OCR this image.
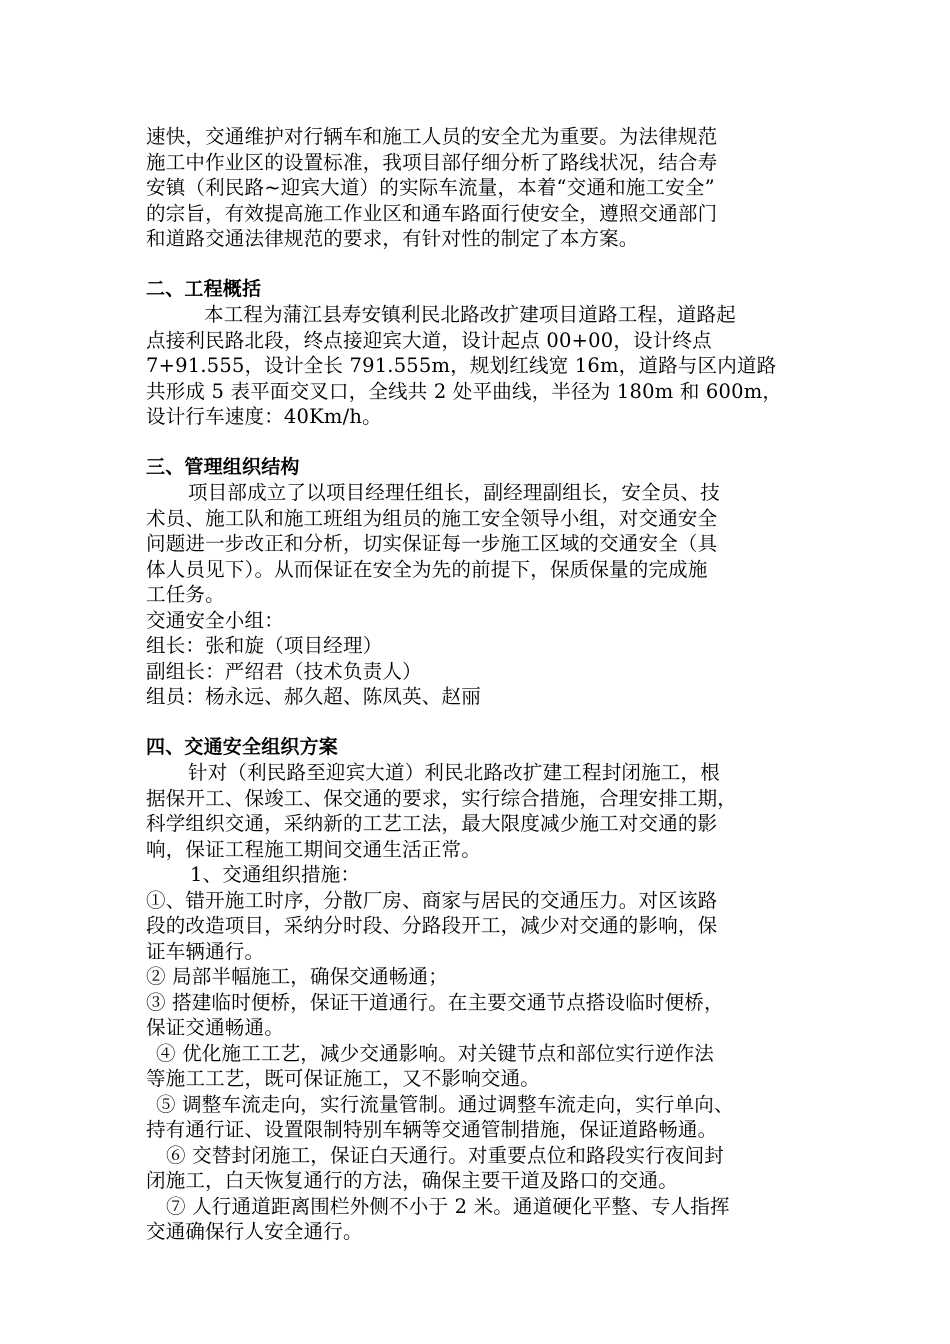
速快，交通维护对行辆车和施工人员的安全尤为重要。为法律规范
施工中作业区的设置标准，我项目部仔细分析了路线状况，结合寿
安镇（利民路~迎宾大道）的实际车流量，本着“交通和施工安全”
的宗旨，有效提高施工作业区和通车路面行使安全，遵照交通部门
和道路交通法律规范的要求，有针对性的制定了本方案。
二、工程概括
本工程为蒲江县寿安镇利民北路改扩建项目道路工程，道路起
点接利民路北段，终点接迎宾大道，设计起点 00+00，设计终点
7+91.555，设计全长 791.555m，规划红线宽 16m，道路与区内道路
共形成 5 表平面交叉口，全线共 2 处平曲线，半径为 180m 和 600m，
设计行车速度：40Km/h。
三、管理组织结构
项目部成立了以项目经理任组长，副经理副组长，安全员、技
术员、施工队和施工班组为组员的施工安全领导小组，对交通安全
问题进一步改正和分析，切实保证每一步施工区域的交通安全（具
体人员见下）。从而保证在安全为先的前提下，保质保量的完成施
工任务。
交通安全小组：
组长：张和旋（项目经理）
副组长：严绍君（技术负责人）
组员：杨永远、郝久超、陈凤英、赵丽
四、交通安全组织方案
针对（利民路至迎宾大道）利民北路改扩建工程封闭施工，根
据保开工、保竣工、保交通的要求，实行综合措施，合理安排工期，
科学组织交通，采纳新的工艺工法，最大限度减少施工对交通的影
响，保证工程施工期间交通生活正常。
1、交通组织措施：
①、错开施工时序，分散厂房、商家与居民的交通压力。对区该路
段的改造项目，采纳分时段、分路段开工，减少对交通的影响，保
证车辆通行。
② 局部半幅施工，确保交通畅通；
③ 搭建临时便桥，保证干道通行。在主要交通节点搭设临时便桥，
保证交通畅通。
④ 优化施工工艺，减少交通影响。对关键节点和部位实行逆作法
等施工工艺，既可保证施工，又不影响交通。
⑤ 调整车流走向，实行流量管制。通过调整车流走向，实行单向、
持有通行证、设置限制特别车辆等交通管制措施，保证道路畅通。
⑥ 交替封闭施工，保证白天通行。对重要点位和路段实行夜间封
闭施工，白天恢复通行的方法，确保主要干道及路口的交通。
⑦ 人行通道距离围栏外侧不小于 2 米。通道硬化平整、专人指挥
交通确保行人安全通行。
